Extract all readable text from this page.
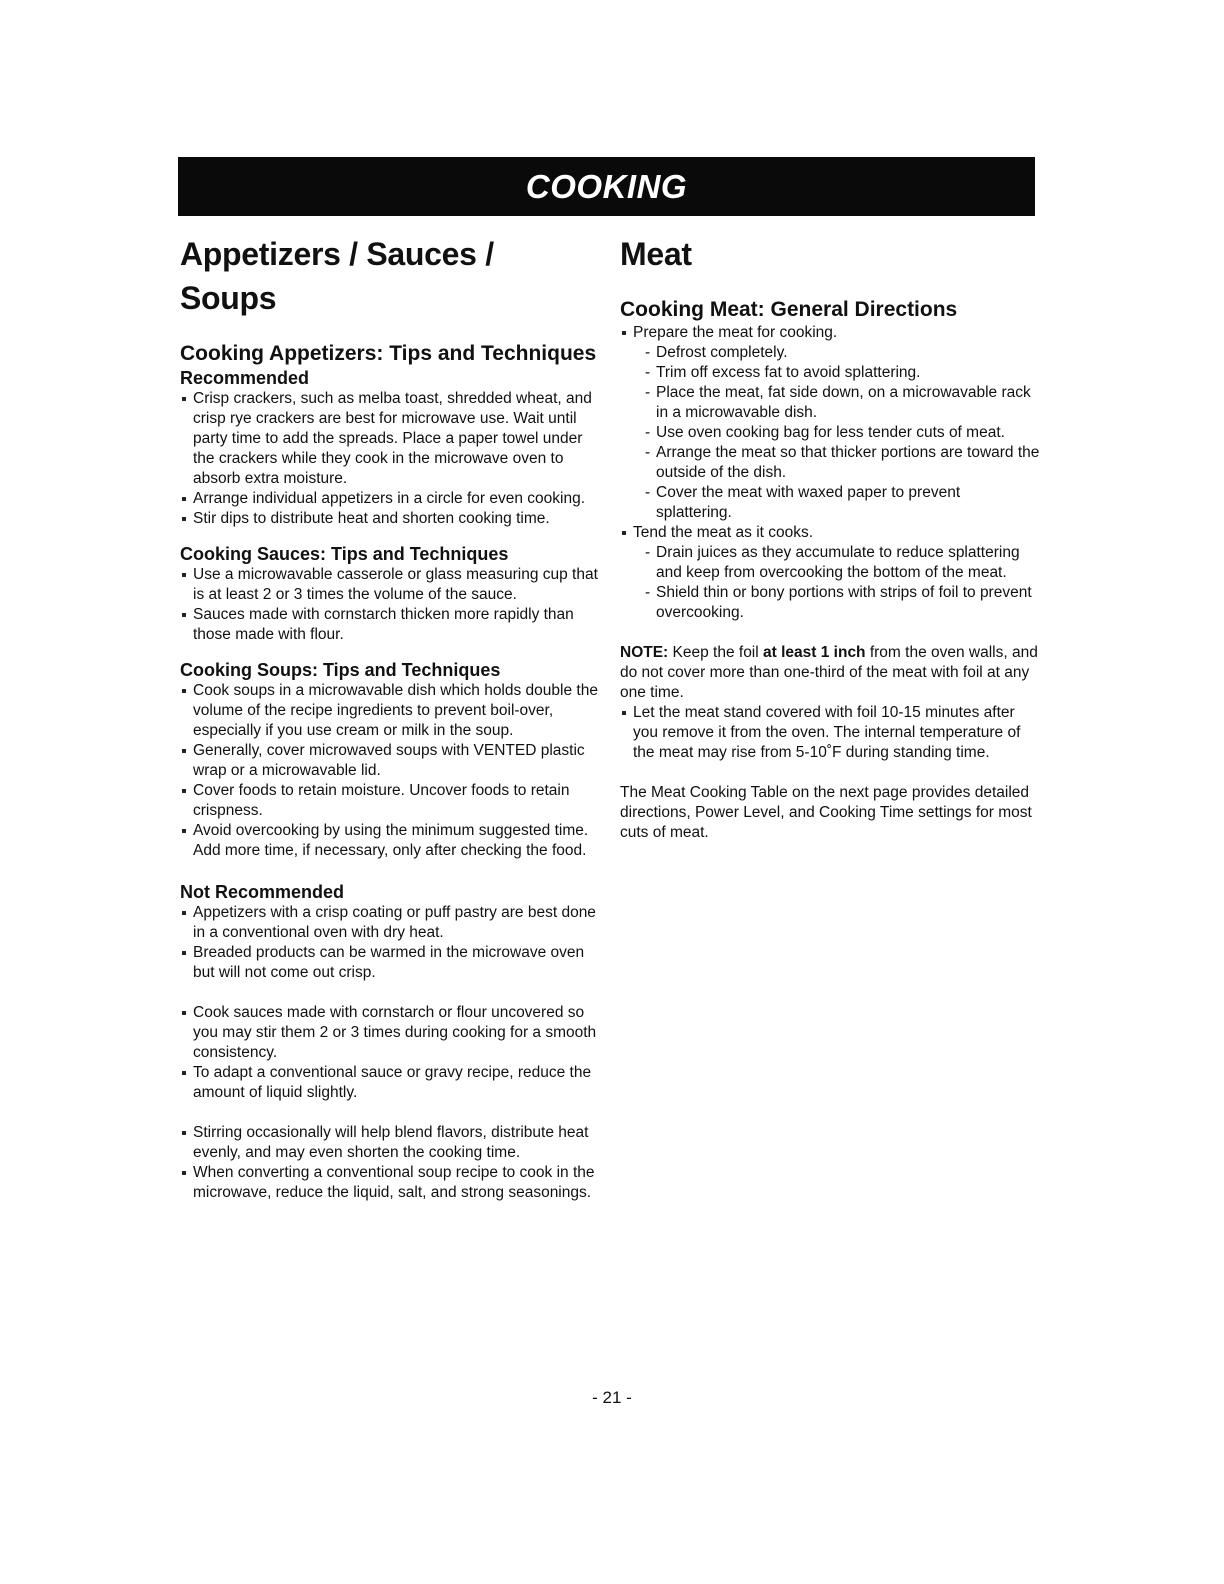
COOKING
Appetizers / Sauces / Soups
Cooking Appetizers: Tips and Techniques
Recommended
Crisp crackers, such as melba toast, shredded wheat, and crisp rye crackers are best for microwave use. Wait until party time to add the spreads. Place a paper towel under the crackers while they cook in the microwave oven to absorb extra moisture.
Arrange individual appetizers in a circle for even cooking.
Stir dips to distribute heat and shorten cooking time.
Cooking Sauces: Tips and Techniques
Use a microwavable casserole or glass measuring cup that is at least 2 or 3 times the volume of the sauce.
Sauces made with cornstarch thicken more rapidly than those made with flour.
Cooking Soups: Tips and Techniques
Cook soups in a microwavable dish which holds double the volume of the recipe ingredients to prevent boil-over, especially if you use cream or milk in the soup.
Generally, cover microwaved soups with VENTED plastic wrap or a microwavable lid.
Cover foods to retain moisture. Uncover foods to retain crispness.
Avoid overcooking by using the minimum suggested time. Add more time, if necessary, only after checking the food.
Not Recommended
Appetizers with a crisp coating or puff pastry are best done in a conventional oven with dry heat.
Breaded products can be warmed in the microwave oven but will not come out crisp.
Cook sauces made with cornstarch or flour uncovered so you may stir them 2 or 3 times during cooking for a smooth consistency.
To adapt a conventional sauce or gravy recipe, reduce the amount of liquid slightly.
Stirring occasionally will help blend flavors, distribute heat evenly, and may even shorten the cooking time.
When converting a conventional soup recipe to cook in the microwave, reduce the liquid, salt, and strong seasonings.
Meat
Cooking Meat: General Directions
Prepare the meat for cooking.
- Defrost completely.
- Trim off excess fat to avoid splattering.
- Place the meat, fat side down, on a microwavable rack in a microwavable dish.
- Use oven cooking bag for less tender cuts of meat.
- Arrange the meat so that thicker portions are toward the outside of the dish.
- Cover the meat with waxed paper to prevent splattering.
Tend the meat as it cooks.
- Drain juices as they accumulate to reduce splattering and keep from overcooking the bottom of the meat.
- Shield thin or bony portions with strips of foil to prevent overcooking.

NOTE: Keep the foil at least 1 inch from the oven walls, and do not cover more than one-third of the meat with foil at any one time.

Let the meat stand covered with foil 10-15 minutes after you remove it from the oven. The internal temperature of the meat may rise from 5-10˚F during standing time.

The Meat Cooking Table on the next page provides detailed directions, Power Level, and Cooking Time settings for most cuts of meat.

- 21 -
